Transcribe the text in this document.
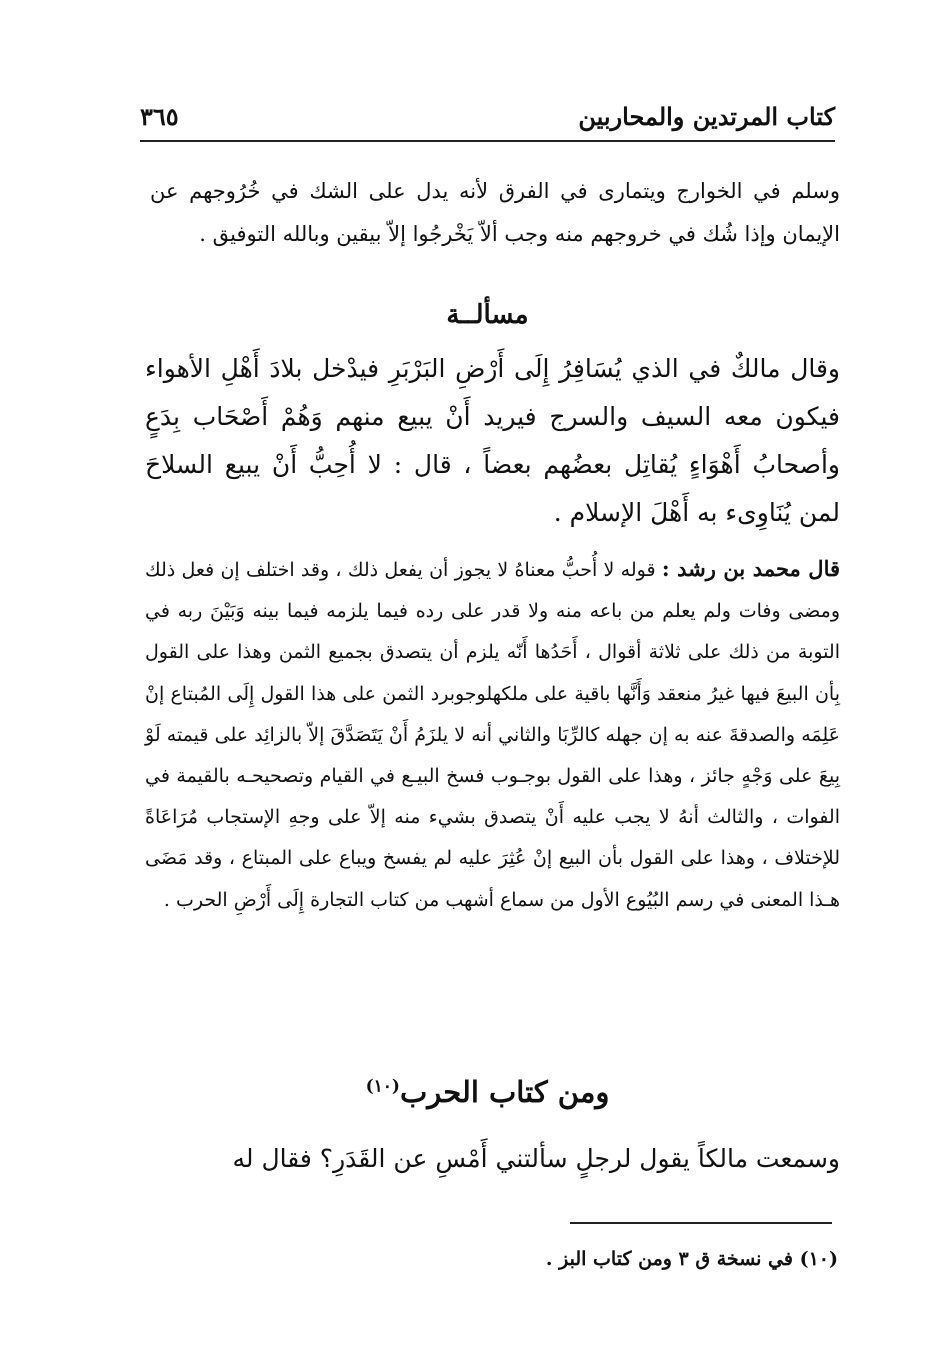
كتاب المرتدين والمحاربين
٣٦٥
وسلم في الخوارج ويتمارى في الفرق لأنه يدل على الشك في خُرُوجهم عن الإيمان وإذا شُك في خروجهم منه وجب ألاّ يَخْرجُوا إلاّ بيقين وبالله التوفيق .
مسألــة
وقال مالكٌ في الذي يُسَافِرُ إِلَى أَرْضِ البَرْبَرِ فيدْخل بلادَ أَهْلِ الأهواء فيكون معه السيف والسرج فيريد أَنْ يبيع منهم وَهُمْ أَصْحَاب بِدَعٍ وأصحابُ أَهْوَاءٍ يُقاتِل بعضُهم بعضاً ، قال : لا أُحِبُّ أَنْ يبيع السلاحَ لمن يُنَاوِىء به أَهْلَ الإسلام .
قال محمد بن رشد : قوله لا أُحبُّ معناهُ لا يجوز أن يفعل ذلك ، وقد اختلف إن فعل ذلك ومضى وفات ولم يعلم من باعه منه ولا قدر على رده فيما يلزمه فيما بينه وَبَيْنَ ربه في التوبة من ذلك على ثلاثة أقوال ، أَحَدُها أَنّه يلزم أن يتصدق بجميع الثمن وهذا على القول بِأن البيعَ فيها غيرُ منعقد وَأَنَّها باقية على ملكهلوجوبرد الثمن على هذا القول إِلَى المُبتاع إنْ عَلِمَه والصدقةَ عنه به إن جهله كالرِّبَا والثاني أنه لا يلزَمُ أَنْ يَتَصَدَّقَ إلاّ بالزائِد على قيمته لَوْ بِيعَ على وَجْهٍ جائز ، وهذا على القول بوجـوب فسخ البيـع في القيام وتصحيحـه بالقيمة في الفوات ، والثالث أنهُ لا يجب عليه أَنْ يتصدق بشيء منه إلاّ على وجهِ الإستجاب مُرَاعَاةً للإختلاف ، وهذا على القول بأن البيع إنْ عُثِرَ عليه لم يفسخ ويباع على المبتاع ، وقد مَضَى هـذا المعنى في رسم البُيُوع الأول من سماع أشهب من كتاب التجارة إِلَى أَرْضِ الحرب .
ومن كتاب الحرب$^{(١٠)}$
وسمعت مالكاً يقول لرجلٍ سألتني أَمْسِ عن القَدَرِ؟ فقال له
(١٠) في نسخة ق ٣ ومن كتاب البز .
